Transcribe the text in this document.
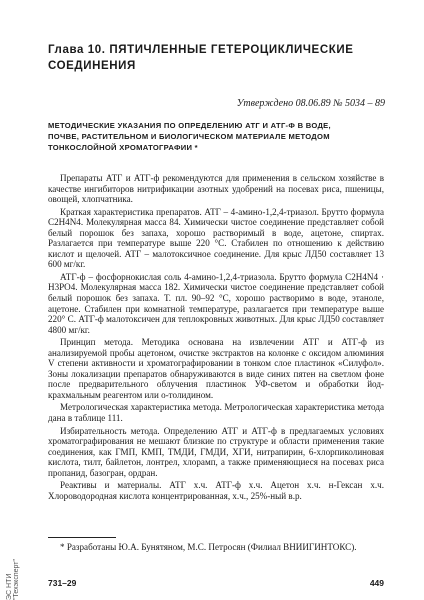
Глава 10. ПЯТИЧЛЕННЫЕ ГЕТЕРОЦИКЛИЧЕСКИЕ СОЕДИНЕНИЯ
Утверждено 08.06.89 № 5034 – 89
МЕТОДИЧЕСКИЕ УКАЗАНИЯ ПО ОПРЕДЕЛЕНИЮ АТГ И АТГ-Ф В ВОДЕ, ПОЧВЕ, РАСТИТЕЛЬНОМ И БИОЛОГИЧЕСКОМ МАТЕРИАЛЕ МЕТОДОМ ТОНКОСЛОЙНОЙ ХРОМАТОГРАФИИ *

Препараты АТГ и АТГ-ф рекомендуются для применения в сельском хозяйстве в качестве ингибиторов нитрификации азотных удобрений на посевах риса, пшеницы, овощей, хлопчатника.

Краткая характеристика препаратов. АТГ – 4-амино-1,2,4-триазол. Брутто формула C2H4N4. Молекулярная масса 84. Химически чистое соединение представляет собой белый порошок без запаха, хорошо растворимый в воде, ацетоне, спиртах. Разлагается при температуре выше 220 °С. Стабилен по отношению к действию кислот и щелочей. АТГ – малотоксичное соединение. Для крыс ЛД50 составляет 13 600 мг/кг.

АТГ-ф – фосфорнокислая соль 4-амино-1,2,4-триазола. Брутто формула C2H4N4 · H3PO4. Молекулярная масса 182. Химически чистое соединение представляет собой белый порошок без запаха. Т. пл. 90–92 °С, хорошо растворимо в воде, этаноле, ацетоне. Стабилен при комнатной температуре, разлагается при температуре выше 220° С. АТГ-ф малотоксичен для теплокровных животных. Для крыс ЛД50 составляет 4800 мг/кг.

Принцип метода. Методика основана на извлечении АТГ и АТГ-ф из анализируемой пробы ацетоном, очистке экстрактов на колонке с оксидом алюминия V степени активности и хроматографировании в тонком слое пластинок «Силуфол». Зоны локализации препаратов обнаруживаются в виде синих пятен на светлом фоне после предварительного облучения пластинок УФ-светом и обработки йод-крахмальным реагентом или о-толидином.

Метрологическая характеристика метода. Метрологическая характеристика метода дана в таблице 111.

Избирательность метода. Определению АТГ и АТГ-ф в предлагаемых условиях хроматографирования не мешают близкие по структуре и области применения такие соединения, как ГМП, КМП, ТМДИ, ГМДИ, ХГИ, нитрапирин, 6-хлорпиколиновая кислота, тилт, байлетон, лонтрел, хлорамп, а также применяющиеся на посевах риса пропанид, базогран, ордран.

Реактивы и материалы. АТГ х.ч. АТГ-ф х.ч. Ацетон х.ч. н-Гексан х.ч. Хлороводородная кислота концентрированная, х.ч., 25%-ный в.р.

* Разработаны Ю.А. Бунятяном, М.С. Петросян (Филиал ВНИИГИНТОКС).

731–29	449
ЭС НТИ "Техэксперт"
